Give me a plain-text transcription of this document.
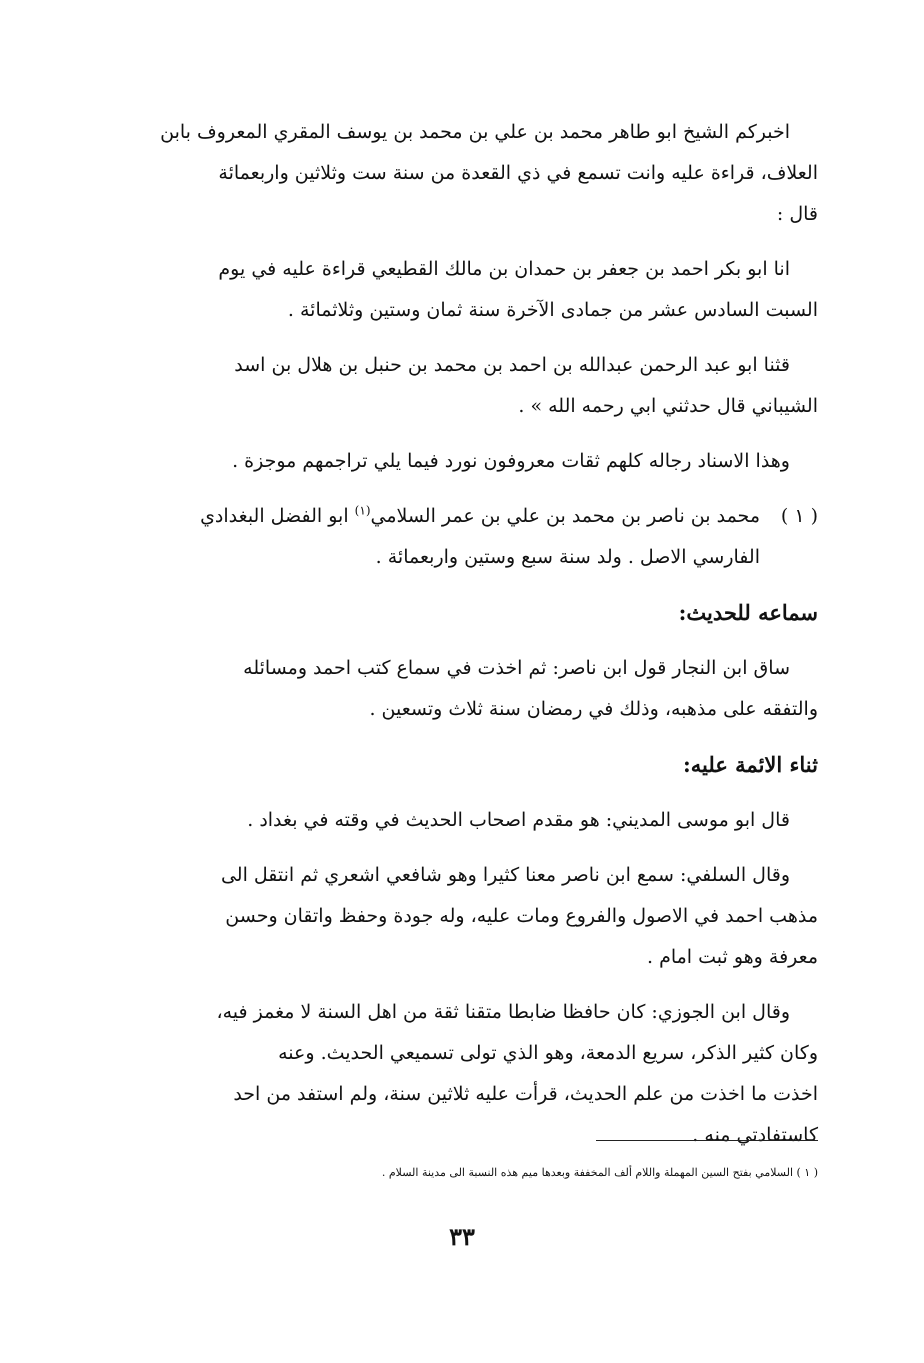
اخبركم الشيخ ابو طاهر محمد بن علي بن محمد بن يوسف المقري المعروف بابن
العلاف، قراءة عليه وانت تسمع في ذي القعدة من سنة ست وثلاثين واربعمائة
قال :

انا ابو بكر احمد بن جعفر بن حمدان بن مالك القطيعي قراءة عليه في يوم
السبت السادس عشر من جمادى الآخرة سنة ثمان وستين وثلاثمائة .

قثنا ابو عبد الرحمن عبدالله بن احمد بن محمد بن حنبل بن هلال بن اسد
الشيباني قال حدثني ابي رحمه الله » .

وهذا الاسناد رجاله كلهم ثقات معروفون نورد فيما يلي تراجمهم موجزة .

( ١ )
محمد بن ناصر بن محمد بن علي بن عمر السلامي$^{(١)}$ ابو الفضل البغدادي
الفارسي الاصل . ولد سنة سبع وستين واربعمائة .
سماعه للحديث:

ساق ابن النجار قول ابن ناصر: ثم اخذت في سماع كتب احمد ومسائله
والتفقه على مذهبه، وذلك في رمضان سنة ثلاث وتسعين .

ثناء الائمة عليه:

قال ابو موسى المديني: هو مقدم اصحاب الحديث في وقته في بغداد .

وقال السلفي: سمع ابن ناصر معنا كثيرا وهو شافعي اشعري ثم انتقل الى
مذهب احمد في الاصول والفروع ومات عليه، وله جودة وحفظ واتقان وحسن
معرفة وهو ثبت امام .

وقال ابن الجوزي: كان حافظا ضابطا متقنا ثقة من اهل السنة لا مغمز فيه،
وكان كثير الذكر، سريع الدمعة، وهو الذي تولى تسميعي الحديث. وعنه
اخذت ما اخذت من علم الحديث، قرأت عليه ثلاثين سنة، ولم استفد من احد
كاستفادتي منه .

( ١ ) السلامي بفتح السين المهملة واللام ألف المخففة وبعدها ميم هذه النسبة الى مدينة السلام .
٣٣
